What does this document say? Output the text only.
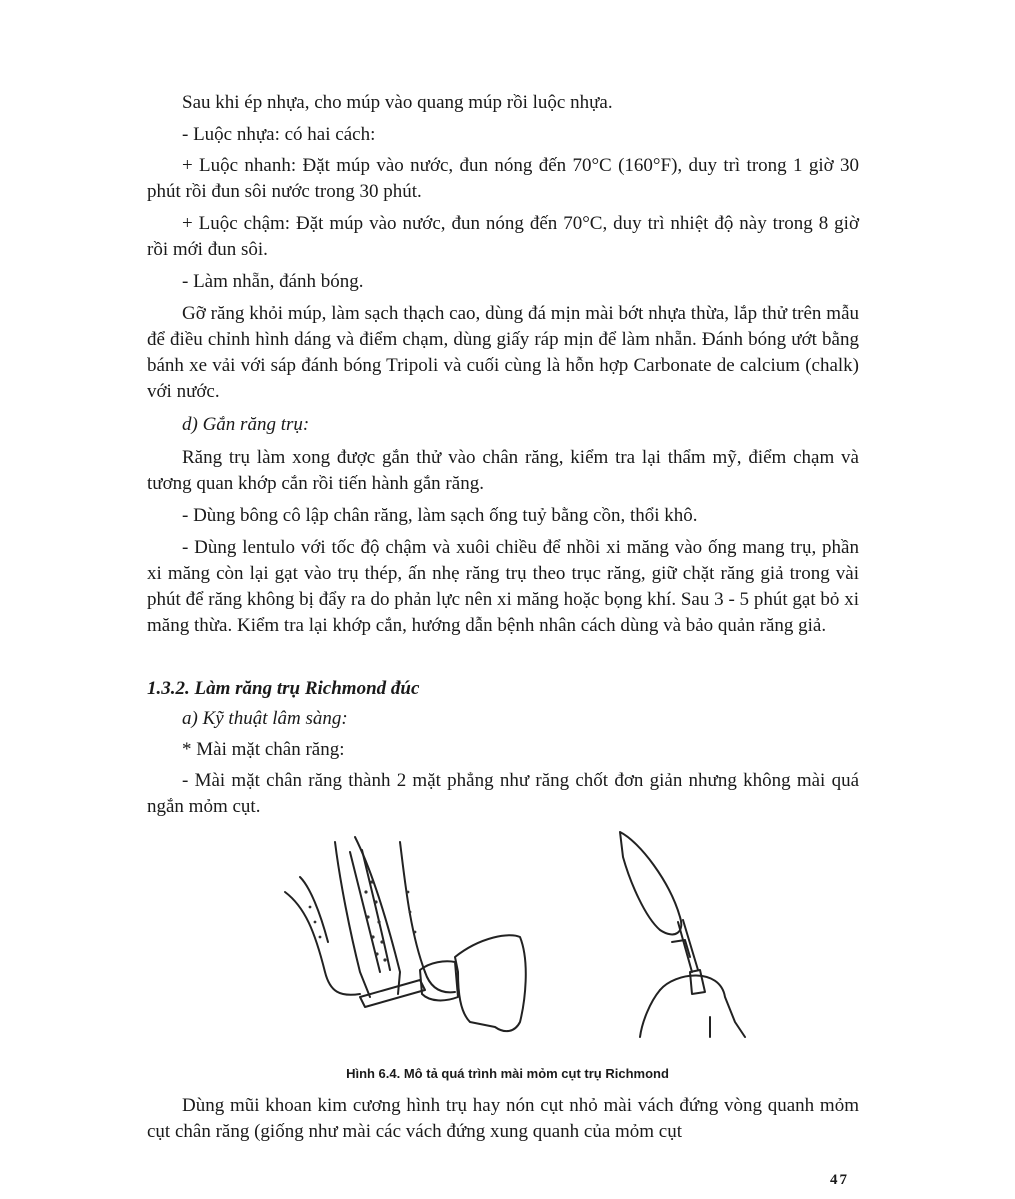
Sau khi ép nhựa, cho múp vào quang múp rồi luộc nhựa.

- Luộc nhựa: có hai cách:

+ Luộc nhanh: Đặt múp vào nước, đun nóng đến 70°C (160°F), duy trì trong 1 giờ 30 phút rồi đun sôi nước trong 30 phút.

+ Luộc chậm: Đặt múp vào nước, đun nóng đến 70°C, duy trì nhiệt độ này trong 8 giờ rồi mới đun sôi.

- Làm nhẵn, đánh bóng.

Gỡ răng khỏi múp, làm sạch thạch cao, dùng đá mịn mài bớt nhựa thừa, lắp thử trên mẫu để điều chỉnh hình dáng và điểm chạm, dùng giấy ráp mịn để làm nhẵn. Đánh bóng ướt bằng bánh xe vải với sáp đánh bóng Tripoli và cuối cùng là hỗn hợp Carbonate de calcium (chalk) với nước.

d) Gắn răng trụ:

Răng trụ làm xong được gắn thử vào chân răng, kiểm tra lại thẩm mỹ, điểm chạm và tương quan khớp cắn rồi tiến hành gắn răng.

- Dùng bông cô lập chân răng, làm sạch ống tuỷ bằng cồn, thổi khô.

- Dùng lentulo với tốc độ chậm và xuôi chiều để nhồi xi măng vào ống mang trụ, phần xi măng còn lại gạt vào trụ thép, ấn nhẹ răng trụ theo trục răng, giữ chặt răng giả trong vài phút để răng không bị đẩy ra do phản lực nên xi măng hoặc bọng khí. Sau 3 - 5 phút gạt bỏ xi măng thừa. Kiểm tra lại khớp cắn, hướng dẫn bệnh nhân cách dùng và bảo quản răng giả.

1.3.2. Làm răng trụ Richmond đúc

a) Kỹ thuật lâm sàng:

* Mài mặt chân răng:

- Mài mặt chân răng thành 2 mặt phẳng như răng chốt đơn giản nhưng không mài quá ngắn mỏm cụt.

Hình 6.4. Mô tả quá trình mài mỏm cụt trụ Richmond

Dùng mũi khoan kim cương hình trụ hay nón cụt nhỏ mài vách đứng vòng quanh mỏm cụt chân răng (giống như mài các vách đứng xung quanh của mỏm cụt

47
